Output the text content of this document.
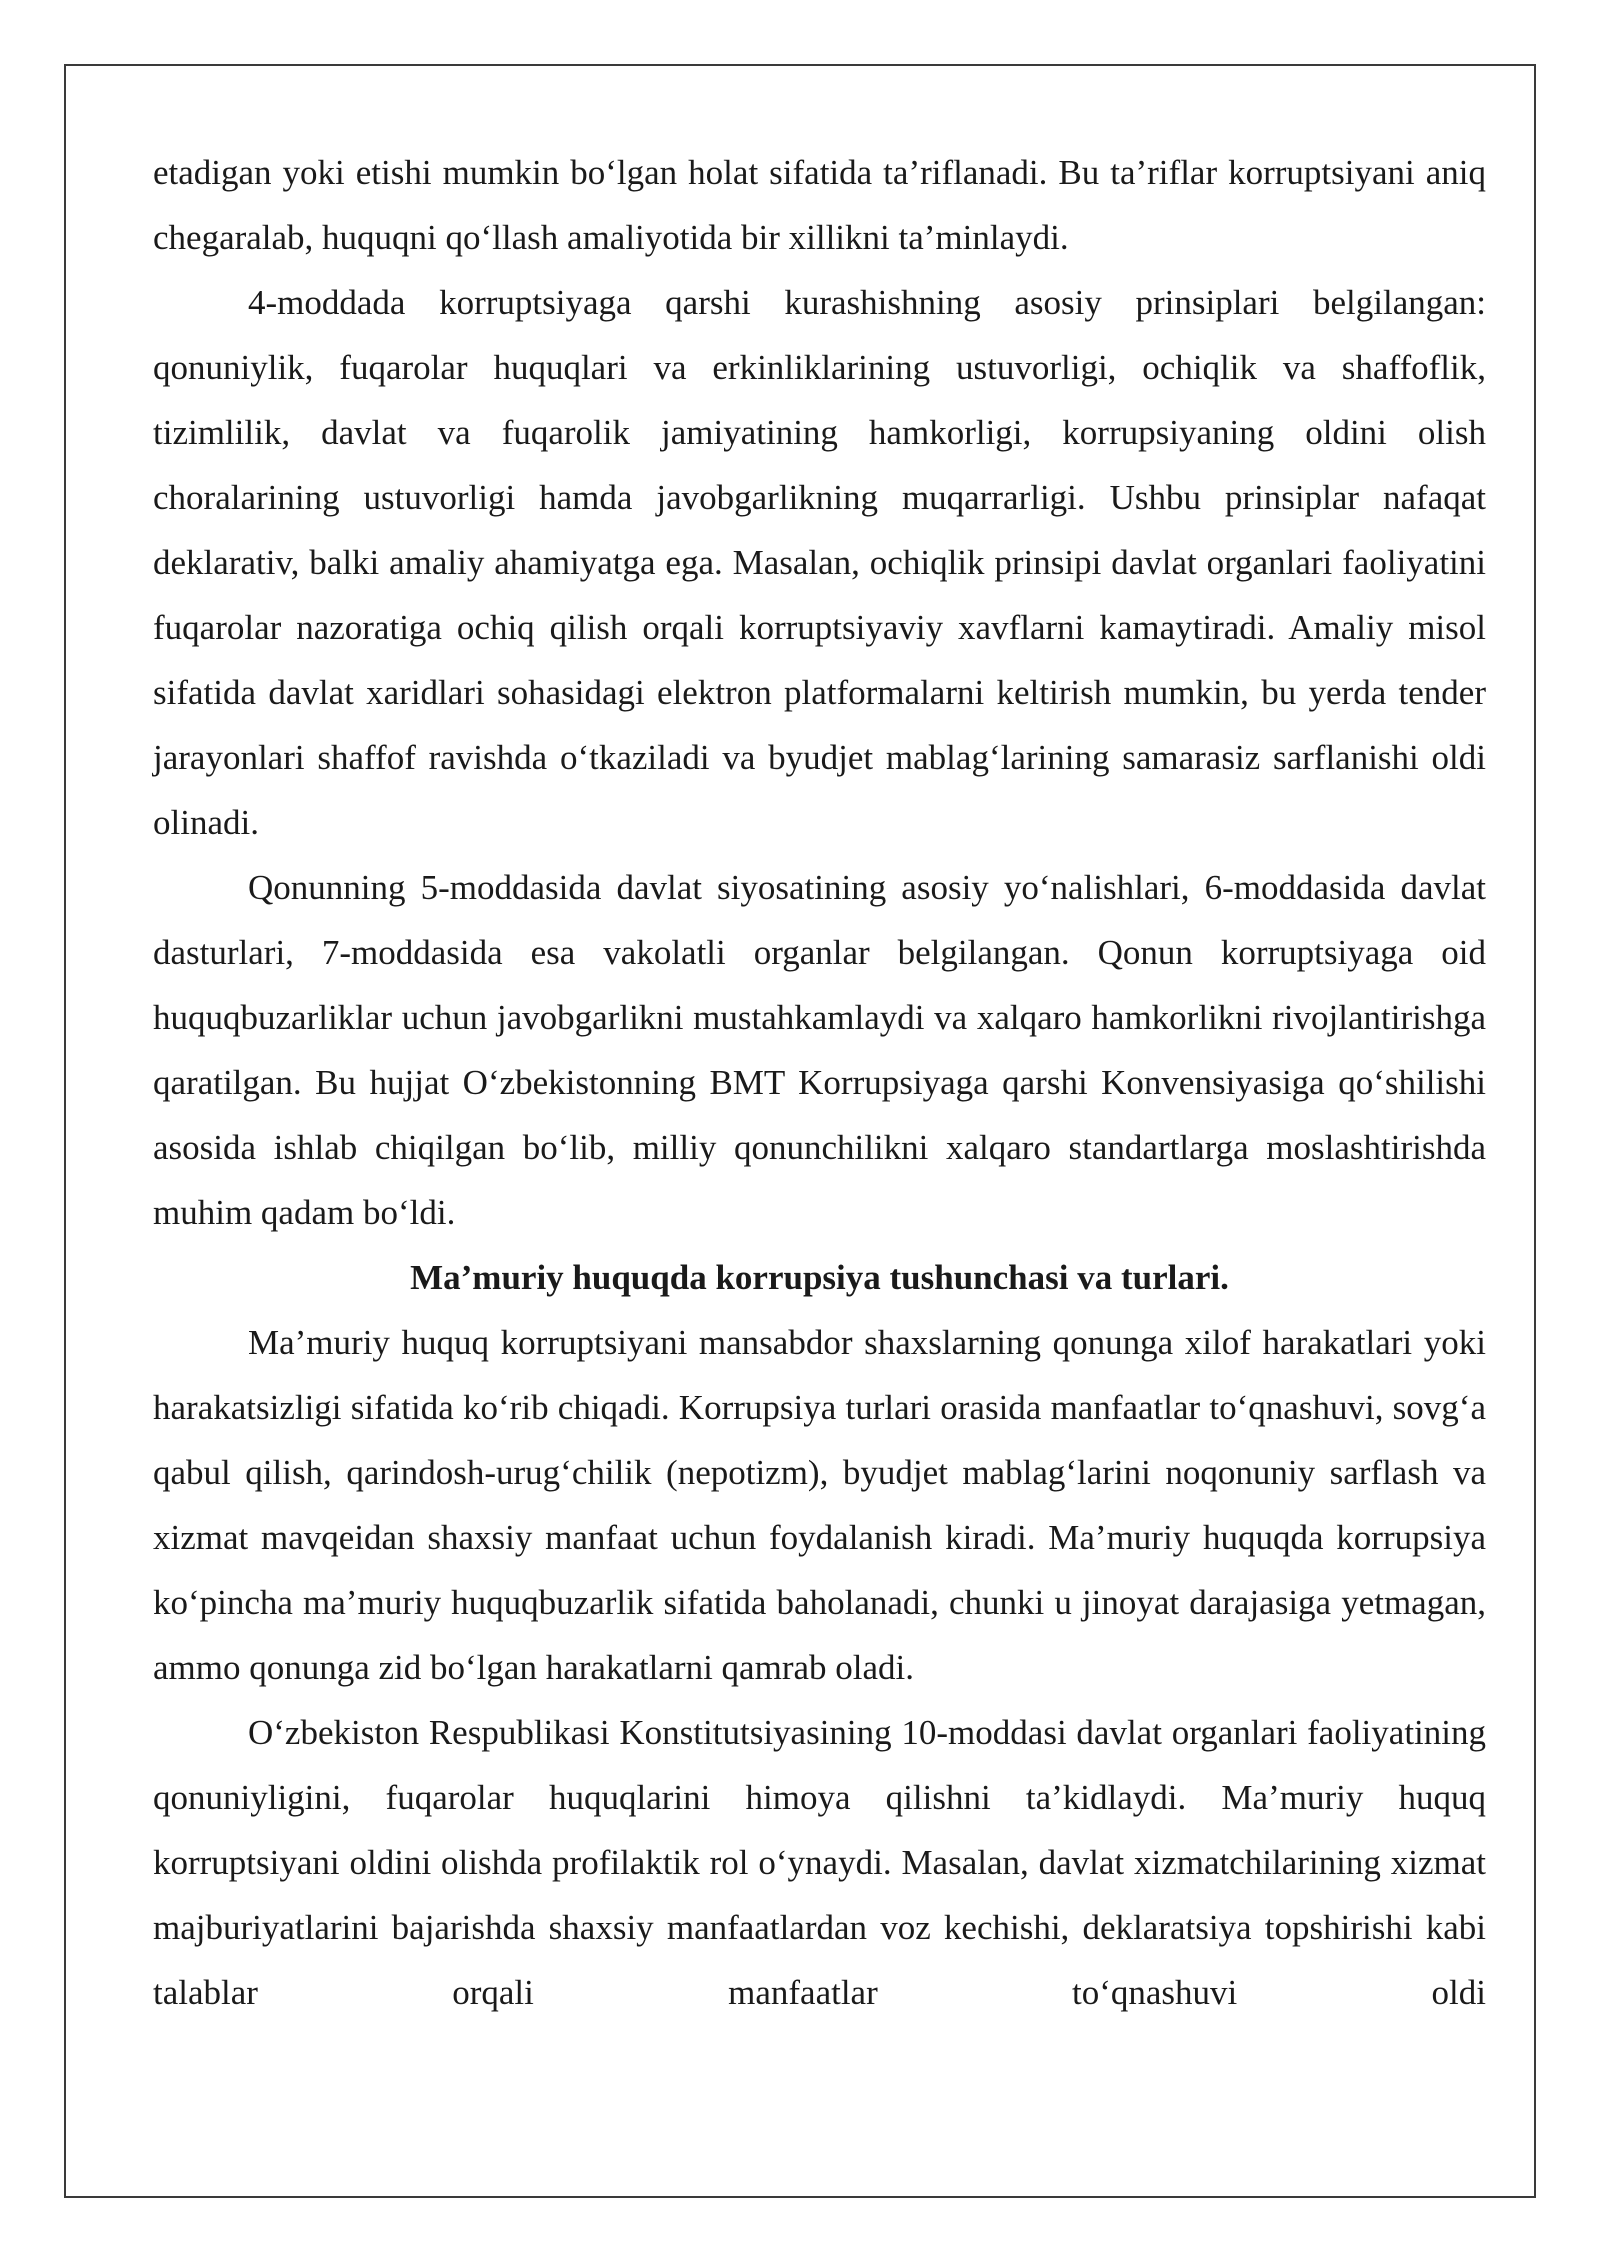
etadigan yoki etishi mumkin bo‘lgan holat sifatida ta’riflanadi. Bu ta’riflar korruptsiyani aniq chegaralab, huquqni qo‘llash amaliyotida bir xillikni ta’minlaydi.

4-moddada korruptsiyaga qarshi kurashishning asosiy prinsiplari belgilangan: qonuniylik, fuqarolar huquqlari va erkinliklarining ustuvorligi, ochiqlik va shaffoflik, tizimlilik, davlat va fuqarolik jamiyatining hamkorligi, korrupsiyaning oldini olish choralarining ustuvorligi hamda javobgarlikning muqarrarligi. Ushbu prinsiplar nafaqat deklarativ, balki amaliy ahamiyatga ega. Masalan, ochiqlik prinsipi davlat organlari faoliyatini fuqarolar nazoratiga ochiq qilish orqali korruptsiyaviy xavflarni kamaytiradi. Amaliy misol sifatida davlat xaridlari sohasidagi elektron platformalarni keltirish mumkin, bu yerda tender jarayonlari shaffof ravishda o‘tkaziladi va byudjet mablag‘larining samarasiz sarflanishi oldi olinadi.

Qonunning 5-moddasida davlat siyosatining asosiy yo‘nalishlari, 6-moddasida davlat dasturlari, 7-moddasida esa vakolatli organlar belgilangan. Qonun korruptsiyaga oid huquqbuzarliklar uchun javobgarlikni mustahkamlaydi va xalqaro hamkorlikni rivojlantirishga qaratilgan. Bu hujjat O‘zbekistonning BMT Korrupsiyaga qarshi Konvensiyasiga qo‘shilishi asosida ishlab chiqilgan bo‘lib, milliy qonunchilikni xalqaro standartlarga moslashtirishda muhim qadam bo‘ldi.

Ma’muriy huquqda korrupsiya tushunchasi va turlari.

Ma’muriy huquq korruptsiyani mansabdor shaxslarning qonunga xilof harakatlari yoki harakatsizligi sifatida ko‘rib chiqadi. Korrupsiya turlari orasida manfaatlar to‘qnashuvi, sovg‘a qabul qilish, qarindosh-urug‘chilik (nepotizm), byudjet mablag‘larini noqonuniy sarflash va xizmat mavqeidan shaxsiy manfaat uchun foydalanish kiradi. Ma’muriy huquqda korrupsiya ko‘pincha ma’muriy huquqbuzarlik sifatida baholanadi, chunki u jinoyat darajasiga yetmagan, ammo qonunga zid bo‘lgan harakatlarni qamrab oladi.

O‘zbekiston Respublikasi Konstitutsiyasining 10-moddasi davlat organlari faoliyatining qonuniyligini, fuqarolar huquqlarini himoya qilishni ta’kidlaydi. Ma’muriy huquq korruptsiyani oldini olishda profilaktik rol o‘ynaydi. Masalan, davlat xizmatchilarining xizmat majburiyatlarini bajarishda shaxsiy manfaatlardan voz kechishi, deklaratsiya topshirishi kabi talablar orqali manfaatlar to‘qnashuvi oldi
